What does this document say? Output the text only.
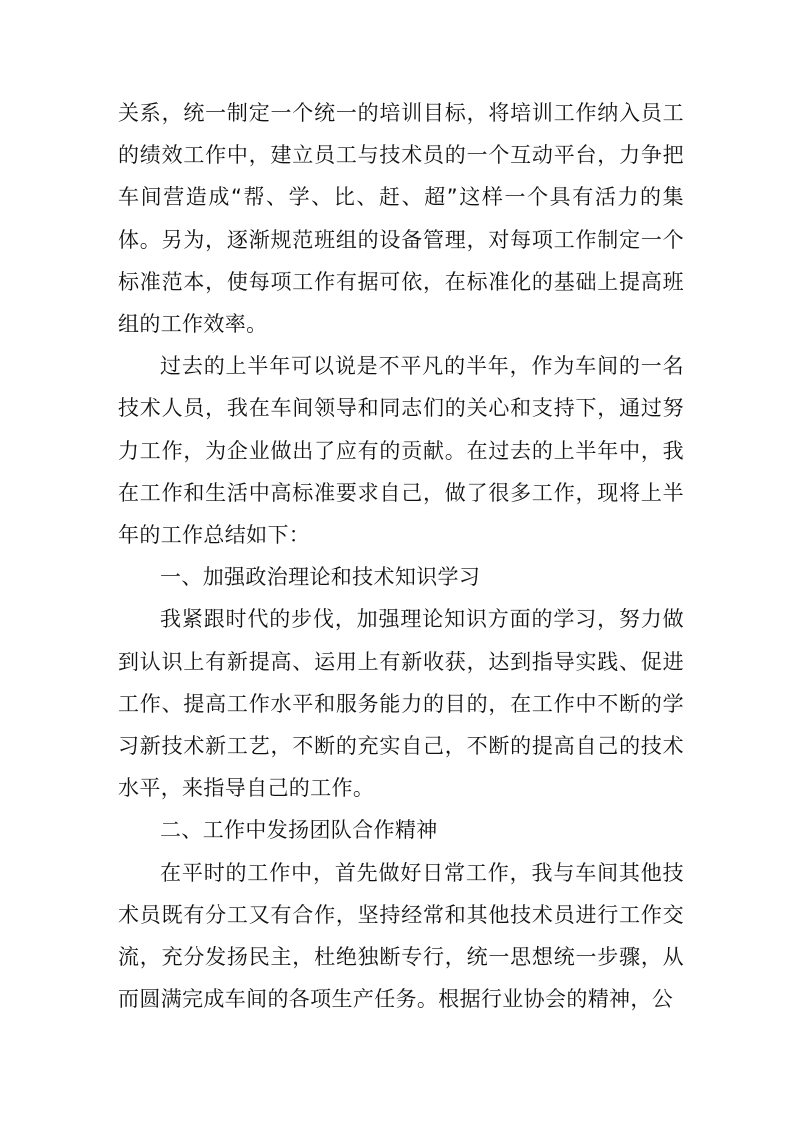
关系，统一制定一个统一的培训目标，将培训工作纳入员工的绩效工作中，建立员工与技术员的一个互动平台，力争把车间营造成“帮、学、比、赶、超”这样一个具有活力的集体。另为，逐渐规范班组的设备管理，对每项工作制定一个标准范本，使每项工作有据可依，在标准化的基础上提高班组的工作效率。

过去的上半年可以说是不平凡的半年，作为车间的一名技术人员，我在车间领导和同志们的关心和支持下，通过努力工作，为企业做出了应有的贡献。在过去的上半年中，我在工作和生活中高标准要求自己，做了很多工作，现将上半年的工作总结如下：

一、加强政治理论和技术知识学习

我紧跟时代的步伐，加强理论知识方面的学习，努力做到认识上有新提高、运用上有新收获，达到指导实践、促进工作、提高工作水平和服务能力的目的，在工作中不断的学习新技术新工艺，不断的充实自己，不断的提高自己的技术水平，来指导自己的工作。

二、工作中发扬团队合作精神

在平时的工作中，首先做好日常工作，我与车间其他技术员既有分工又有合作，坚持经常和其他技术员进行工作交流，充分发扬民主，杜绝独断专行，统一思想统一步骤，从而圆满完成车间的各项生产任务。根据行业协会的精神，公
